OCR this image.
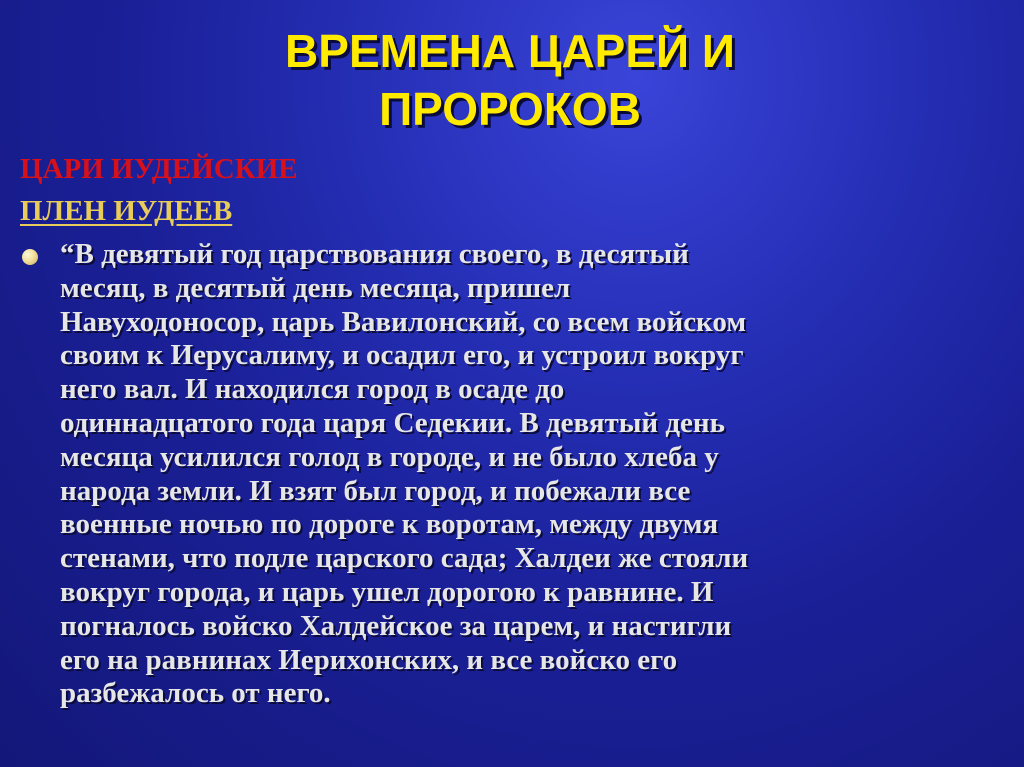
ВРЕМЕНА ЦАРЕЙ И
ПРОРОКОВ
ЦАРИ ИУДЕЙСКИЕ
ПЛЕН ИУДЕЕВ
“В девятый год царствования своего, в десятый
месяц, в десятый день месяца, пришел
Навуходоносор, царь Вавилонский, со всем войском
своим к Иерусалиму, и осадил его, и устроил вокруг
него вал. И находился город в осаде до
одиннадцатого года царя Седекии. В девятый день
месяца усилился голод в городе, и не было хлеба у
народа земли. И взят был город, и побежали все
военные ночью по дороге к воротам, между двумя
стенами, что подле царского сада; Халдеи же стояли
вокруг города, и царь ушел дорогою к равнине. И
погналось войско Халдейское за царем, и настигли
его на равнинах Иерихонских, и все войско его
разбежалось от него.
